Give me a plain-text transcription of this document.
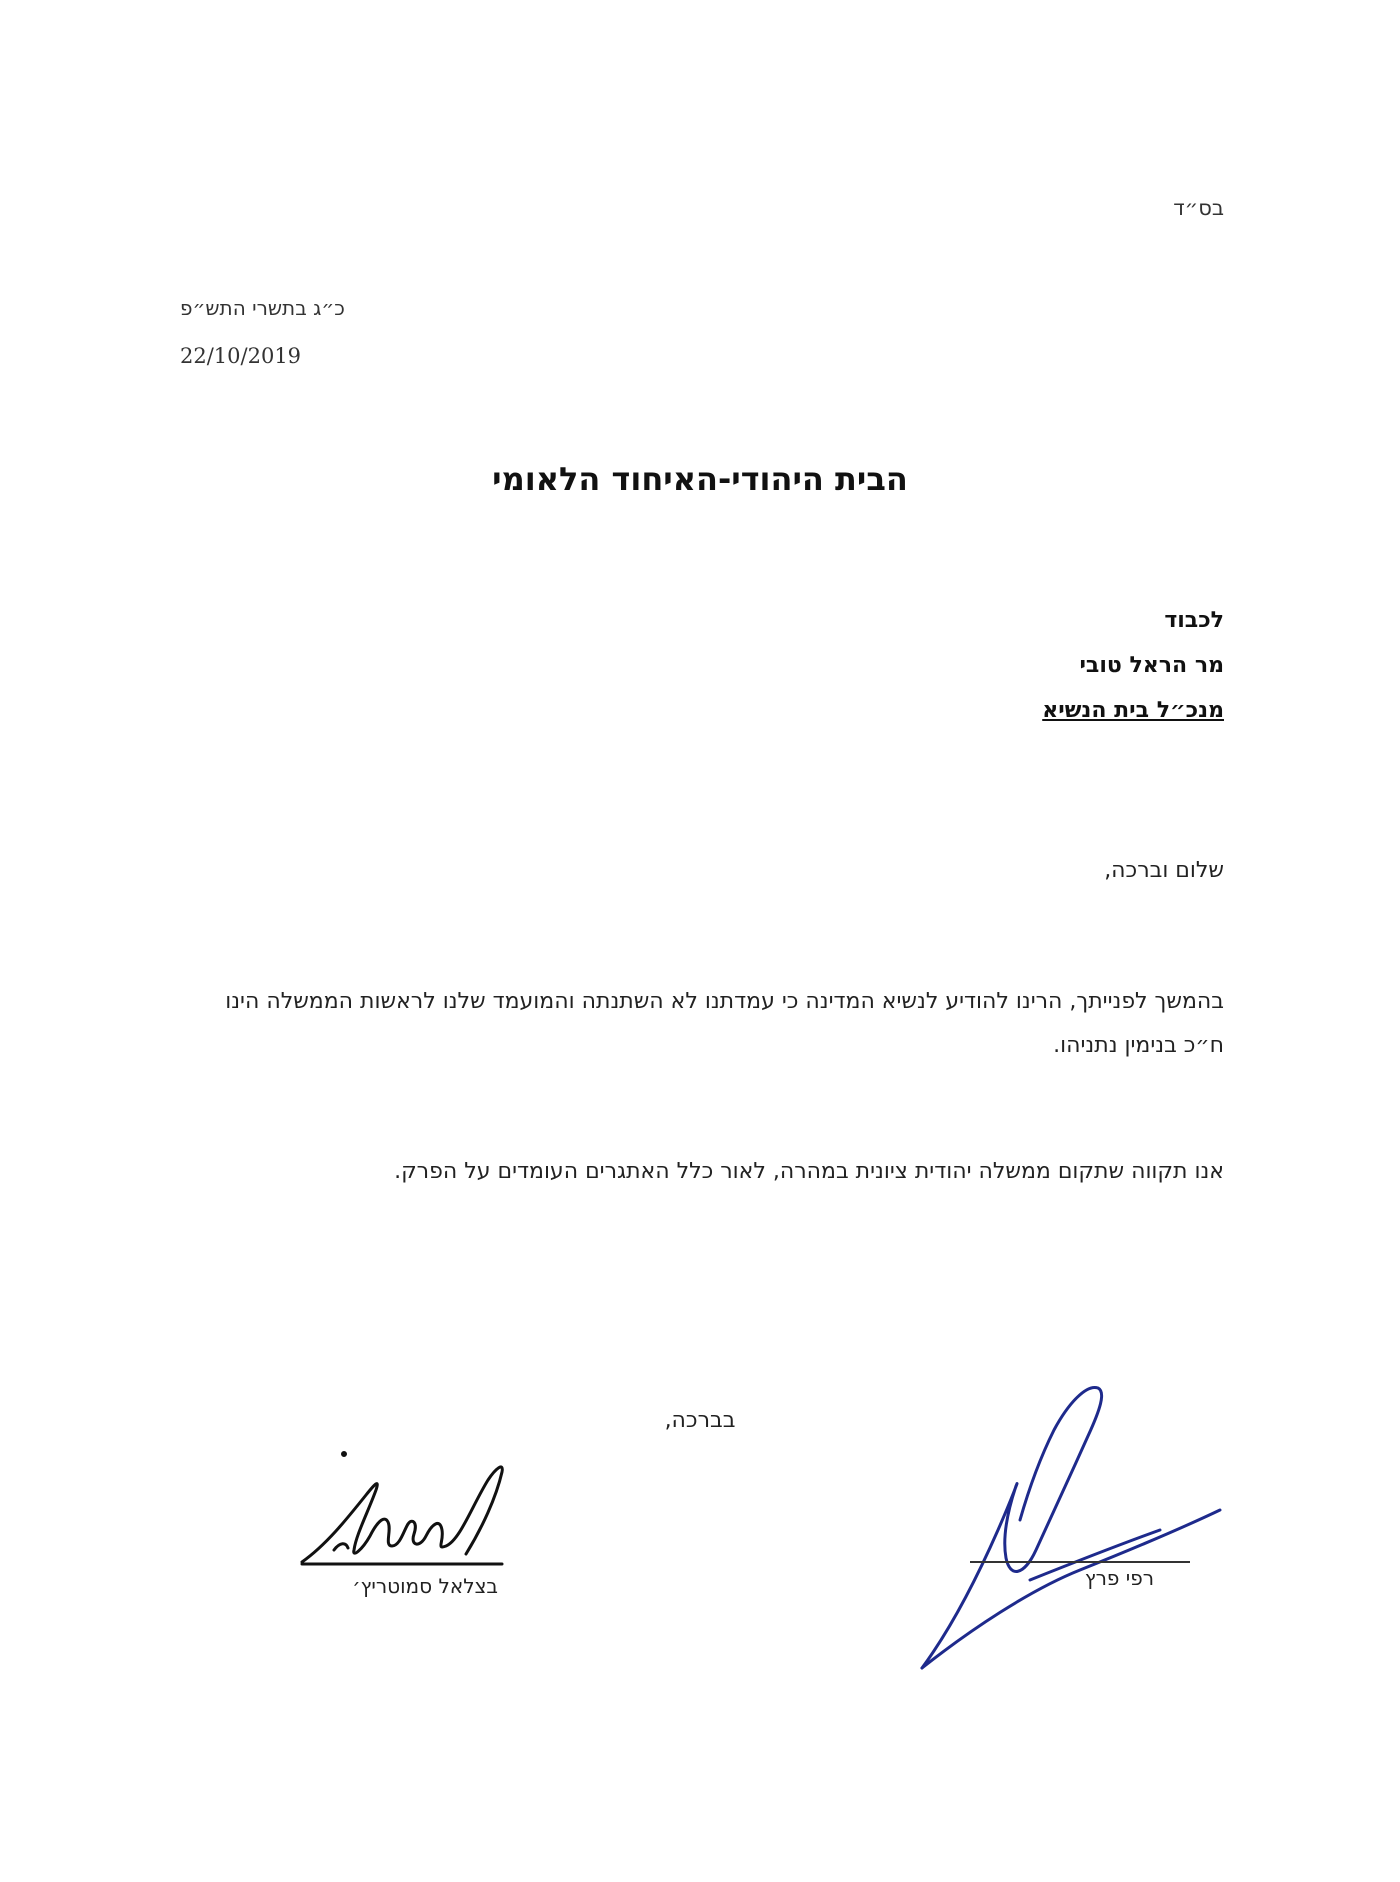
בס״ד
כ״ג בתשרי התש״פ
22/10/2019
הבית היהודי-האיחוד הלאומי
לכבוד
מר הראל טובי
מנכ״ל בית הנשיא
שלום וברכה,
בהמשך לפנייתך, הרינו להודיע לנשיא המדינה כי עמדתנו לא השתנתה והמועמד שלנו לראשות הממשלה הינו ח״כ בנימין נתניהו.
אנו תקווה שתקום ממשלה יהודית ציונית במהרה, לאור כלל האתגרים העומדים על הפרק.
בברכה,
בצלאל סמוטריץ׳	רפי פרץ
